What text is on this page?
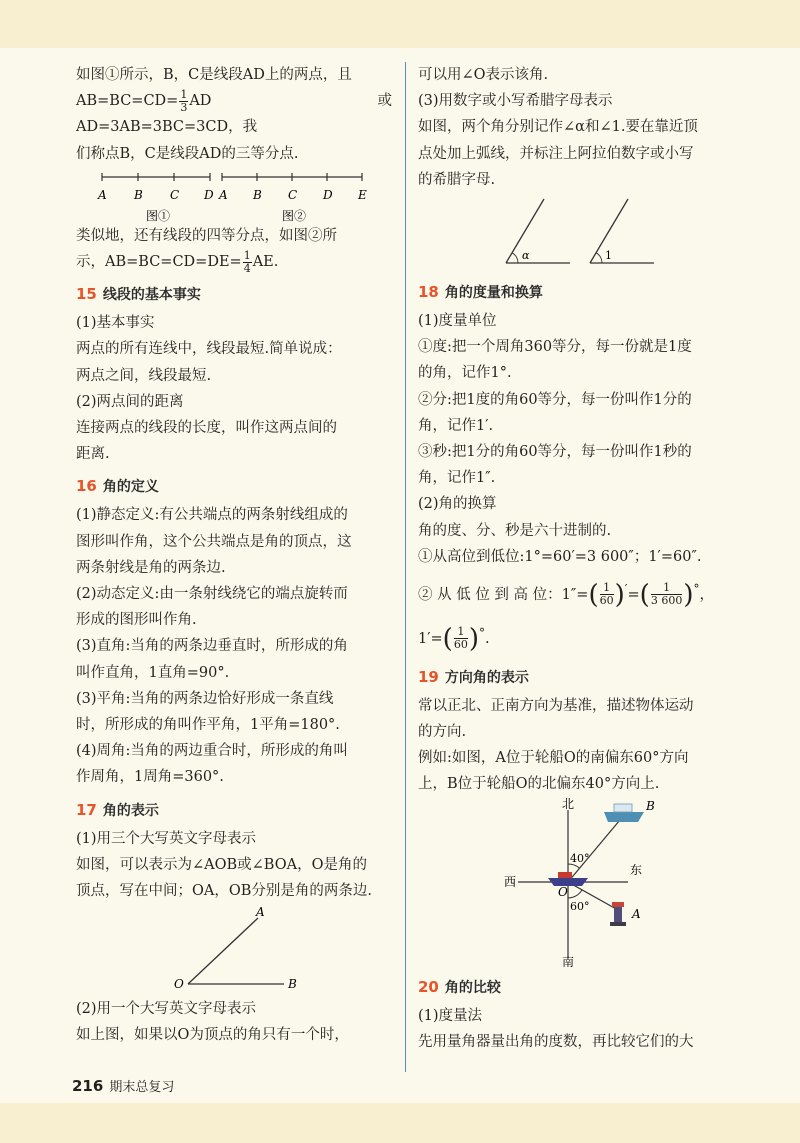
如图①所示，B，C是线段AD上的两点，且

$AB=BC=CD= \frac{1}{3}$ AD 或 AD=3AB=3BC=3CD，我

们称点B，C是线段AD的三等分点.

A B C D
图①
A B C D E
图②

类似地，还有线段的四等分点，如图②所

示，$AB=BC=CD=DE= \frac{1}{4}$ AE.

15 线段的基本事实

(1)基本事实

两点的所有连线中，线段最短.简单说成：

两点之间，线段最短.

(2)两点间的距离

连接两点的线段的长度，叫作这两点间的

距离.

16 角的定义

(1)静态定义:有公共端点的两条射线组成的

图形叫作角，这个公共端点是角的顶点，这

两条射线是角的两条边.

(2)动态定义:由一条射线绕它的端点旋转而

形成的图形叫作角.

(3)直角:当角的两条边垂直时，所形成的角

叫作直角，1直角=90°.

(3)平角:当角的两条边恰好形成一条直线

时，所形成的角叫作平角，1平角=180°.

(4)周角:当角的两边重合时，所形成的角叫

作周角，1周角=360°.

17 角的表示

(1)用三个大写英文字母表示

如图，可以表示为∠AOB或∠BOA，O是角的

顶点，写在中间；OA，OB分别是角的两条边.

A
O	B

(2)用一个大写英文字母表示

如上图，如果以O为顶点的角只有一个时，

可以用∠O表示该角.

(3)用数字或小写希腊字母表示

如图，两个角分别记作∠α和∠1.要在靠近顶

点处加上弧线，并标注上阿拉伯数字或小写

的希腊字母.

α	1
18 角的度量和换算

(1)度量单位

①度:把一个周角360等分，每一份就是1度

的角，记作1°.

②分:把1度的角60等分，每一份叫作1分的

角，记作1′.

③秒:把1分的角60等分，每一份叫作1秒的

角，记作1″.

(2)角的换算

角的度、分、秒是六十进制的.

①从高位到低位:1°=60′=3 600″；1′=60″.

② 从 低 位 到 高 位：$1''=( \frac{1}{60} )'=( \frac{1}{3 600} )^\circ$，

$1'=( \frac{1}{60} )^\circ$.

19 方向角的表示

常以正北、正南方向为基准，描述物体运动

的方向.

例如:如图，A位于轮船O的南偏东60°方向

上，B位于轮船O的北偏东40°方向上.

北
南
西
东
O
A
B
40°
60°
20 角的比较

(1)度量法

先用量角器量出角的度数，再比较它们的大

216 期末总复习
